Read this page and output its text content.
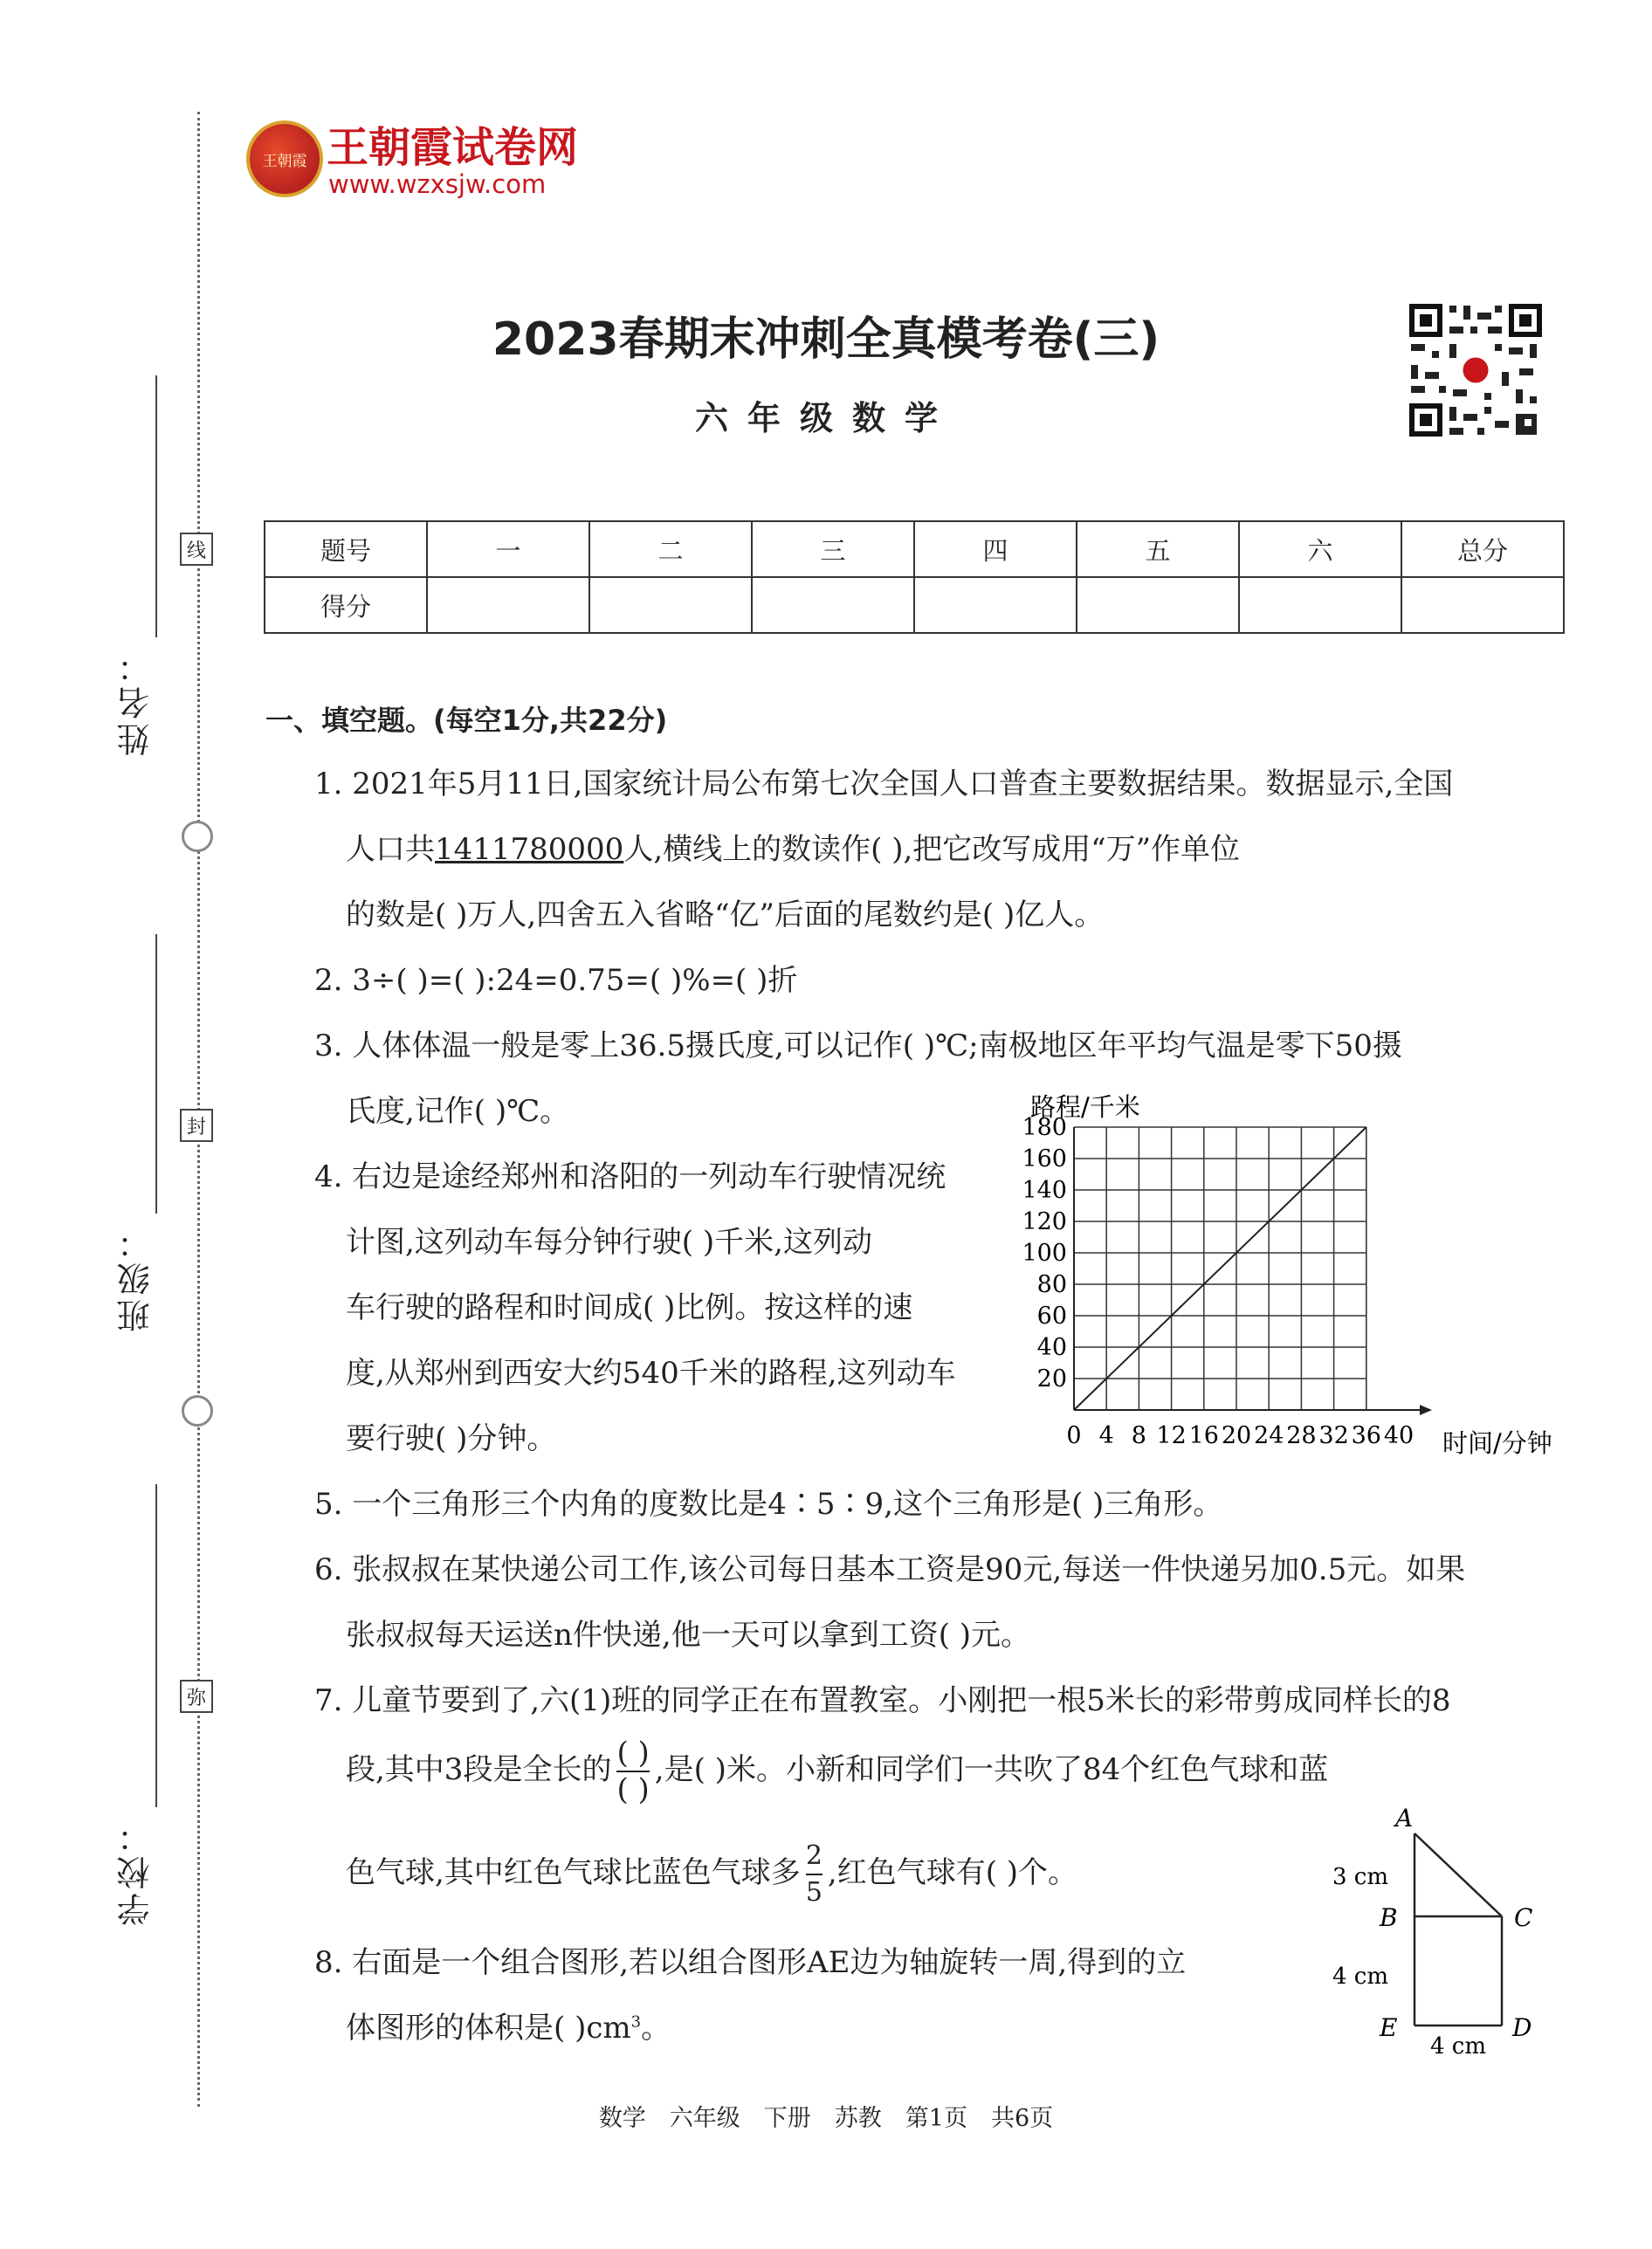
姓名：
班级：
学校：
线
封
弥
王朝霞 王朝霞试卷网
www.wzxsjw.com
2023春期末冲刺全真模考卷(三)
六年级数学
题号	一	二	三	四	五	六	总分
得分							
一、填空题。(每空1分,共22分)
1. 2021年5月11日,国家统计局公布第七次全国人口普查主要数据结果。数据显示,全国
人口共1411780000人,横线上的数读作( ),把它改写成用“万”作单位
的数是( )万人,四舍五入省略“亿”后面的尾数约是( )亿人。
2. 3÷( )=( ):24=0.75=( )%=( )折
3. 人体体温一般是零上36.5摄氏度,可以记作( )℃;南极地区年平均气温是零下50摄
氏度,记作( )℃。
4. 右边是途经郑州和洛阳的一列动车行驶情况统
计图,这列动车每分钟行驶( )千米,这列动
车行驶的路程和时间成( )比例。按这样的速
度,从郑州到西安大约540千米的路程,这列动车
要行驶( )分钟。
路程/千米
时间/分钟
0 4 8 12 16 20 24 28 32 36 40
20
40
60
80
100
120
140
160
180
5. 一个三角形三个内角的度数比是4∶5∶9,这个三角形是( )三角形。
6. 张叔叔在某快递公司工作,该公司每日基本工资是90元,每送一件快递另加0.5元。如果
张叔叔每天运送n件快递,他一天可以拿到工资( )元。
7. 儿童节要到了,六(1)班的同学正在布置教室。小刚把一根5米长的彩带剪成同样长的8
段,其中3段是全长的 $\frac{( )}{( )}$ ,是( )米。小新和同学们一共吹了84个红色气球和蓝
色气球,其中红色气球比蓝色气球多 $\frac{2}{5}$ ,红色气球有( )个。
8. 右面是一个组合图形,若以组合图形AE边为轴旋转一周,得到的立
体图形的体积是( )$cm^3$。
A
B	C
D
E
3 cm
4 cm
4 cm
数学　六年级　下册　苏教　第1页　共6页
